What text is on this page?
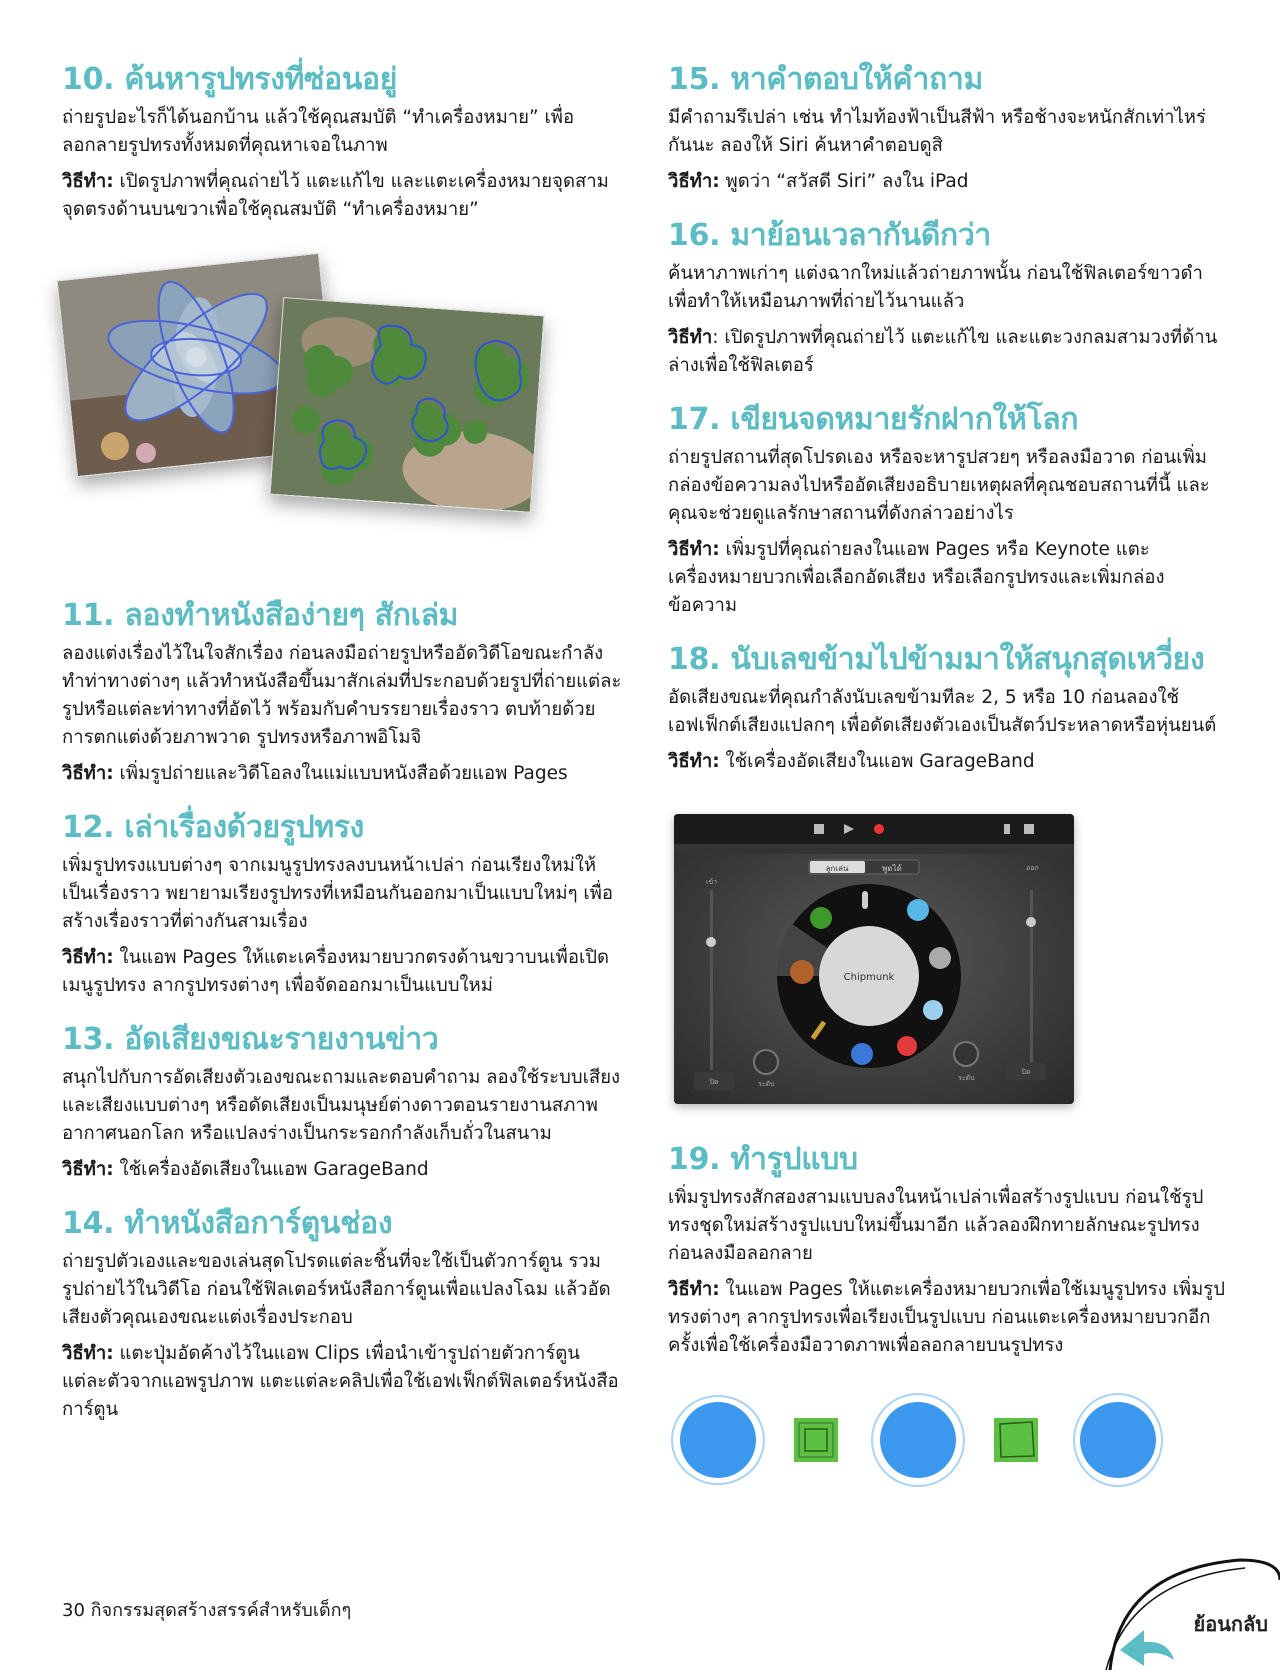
10. ค้นหารูปทรงที่ซ่อนอยู่

ถ่ายรูปอะไรก็ได้นอกบ้าน แล้วใช้คุณสมบัติ “ทำเครื่องหมาย” เพื่อลอกลายรูปทรงทั้งหมดที่คุณหาเจอในภาพ

วิธีทำ: เปิดรูปภาพที่คุณถ่ายไว้ แตะแก้ไข และแตะเครื่องหมายจุดสามจุดตรงด้านบนขวาเพื่อใช้คุณสมบัติ “ทำเครื่องหมาย”

11. ลองทำหนังสือง่ายๆ สักเล่ม

ลองแต่งเรื่องไว้ในใจสักเรื่อง ก่อนลงมือถ่ายรูปหรืออัดวิดีโอขณะกำลังทำท่าทางต่างๆ แล้วทำหนังสือขึ้นมาสักเล่มที่ประกอบด้วยรูปที่ถ่ายแต่ละรูปหรือแต่ละท่าทางที่อัดไว้ พร้อมกับคำบรรยายเรื่องราว ตบท้ายด้วยการตกแต่งด้วยภาพวาด รูปทรงหรือภาพอิโมจิ

วิธีทำ: เพิ่มรูปถ่ายและวิดีโอลงในแม่แบบหนังสือด้วยแอพ Pages

12. เล่าเรื่องด้วยรูปทรง

เพิ่มรูปทรงแบบต่างๆ จากเมนูรูปทรงลงบนหน้าเปล่า ก่อนเรียงใหม่ให้เป็นเรื่องราว พยายามเรียงรูปทรงที่เหมือนกันออกมาเป็นแบบใหม่ๆ เพื่อสร้างเรื่องราวที่ต่างกันสามเรื่อง

วิธีทำ: ในแอพ Pages ให้แตะเครื่องหมายบวกตรงด้านขวาบนเพื่อเปิดเมนูรูปทรง ลากรูปทรงต่างๆ เพื่อจัดออกมาเป็นแบบใหม่

13. อัดเสียงขณะรายงานข่าว

สนุกไปกับการอัดเสียงตัวเองขณะถามและตอบคำถาม ลองใช้ระบบเสียงและเสียงแบบต่างๆ หรือดัดเสียงเป็นมนุษย์ต่างดาวตอนรายงานสภาพอากาศนอกโลก หรือแปลงร่างเป็นกระรอกกำลังเก็บถั่วในสนาม

วิธีทำ: ใช้เครื่องอัดเสียงในแอพ GarageBand

14. ทำหนังสือการ์ตูนช่อง

ถ่ายรูปตัวเองและของเล่นสุดโปรดแต่ละชิ้นที่จะใช้เป็นตัวการ์ตูน รวมรูปถ่ายไว้ในวิดีโอ ก่อนใช้ฟิลเตอร์หนังสือการ์ตูนเพื่อแปลงโฉม แล้วอัดเสียงตัวคุณเองขณะแต่งเรื่องประกอบ

วิธีทำ: แตะปุ่มอัดค้างไว้ในแอพ Clips เพื่อนำเข้ารูปถ่ายตัวการ์ตูนแต่ละตัวจากแอพรูปภาพ แตะแต่ละคลิปเพื่อใช้เอฟเฟ็กต์ฟิลเตอร์หนังสือการ์ตูน

15. หาคำตอบให้คำถาม

มีคำถามรึเปล่า เช่น ทำไมท้องฟ้าเป็นสีฟ้า หรือช้างจะหนักสักเท่าไหร่กันนะ ลองให้ Siri ค้นหาคำตอบดูสิ

วิธีทำ: พูดว่า “สวัสดี Siri” ลงใน iPad

16. มาย้อนเวลากันดีกว่า

ค้นหาภาพเก่าๆ แต่งฉากใหม่แล้วถ่ายภาพนั้น ก่อนใช้ฟิลเตอร์ขาวดำเพื่อทำให้เหมือนภาพที่ถ่ายไว้นานแล้ว

วิธีทำ: เปิดรูปภาพที่คุณถ่ายไว้ แตะแก้ไข และแตะวงกลมสามวงที่ด้านล่างเพื่อใช้ฟิลเตอร์

17. เขียนจดหมายรักฝากให้โลก

ถ่ายรูปสถานที่สุดโปรดเอง หรือจะหารูปสวยๆ หรือลงมือวาด ก่อนเพิ่มกล่องข้อความลงไปหรืออัดเสียงอธิบายเหตุผลที่คุณชอบสถานที่นี้ และคุณจะช่วยดูแลรักษาสถานที่ดังกล่าวอย่างไร

วิธีทำ: เพิ่มรูปที่คุณถ่ายลงในแอพ Pages หรือ Keynote แตะเครื่องหมายบวกเพื่อเลือกอัดเสียง หรือเลือกรูปทรงและเพิ่มกล่องข้อความ

18. นับเลขข้ามไปข้ามมาให้สนุกสุดเหวี่ยง

อัดเสียงขณะที่คุณกำลังนับเลขข้ามทีละ 2, 5 หรือ 10 ก่อนลองใช้เอฟเฟ็กต์เสียงแปลกๆ เพื่อดัดเสียงตัวเองเป็นสัตว์ประหลาดหรือหุ่นยนต์

วิธีทำ: ใช้เครื่องอัดเสียงในแอพ GarageBand

ลูกเล่น	พูดได้
เข้า
ออก
Chipmunk
ระดับ
ระดับ
ปิด
ปิด
19. ทำรูปแบบ

เพิ่มรูปทรงสักสองสามแบบลงในหน้าเปล่าเพื่อสร้างรูปแบบ ก่อนใช้รูปทรงชุดใหม่สร้างรูปแบบใหม่ขึ้นมาอีก แล้วลองฝึกทายลักษณะรูปทรงก่อนลงมือลอกลาย

วิธีทำ: ในแอพ Pages ให้แตะเครื่องหมายบวกเพื่อใช้เมนูรูปทรง เพิ่มรูปทรงต่างๆ ลากรูปทรงเพื่อเรียงเป็นรูปแบบ ก่อนแตะเครื่องหมายบวกอีกครั้งเพื่อใช้เครื่องมือวาดภาพเพื่อลอกลายบนรูปทรง

30 กิจกรรมสุดสร้างสรรค์สำหรับเด็กๆ
ย้อนกลับ
